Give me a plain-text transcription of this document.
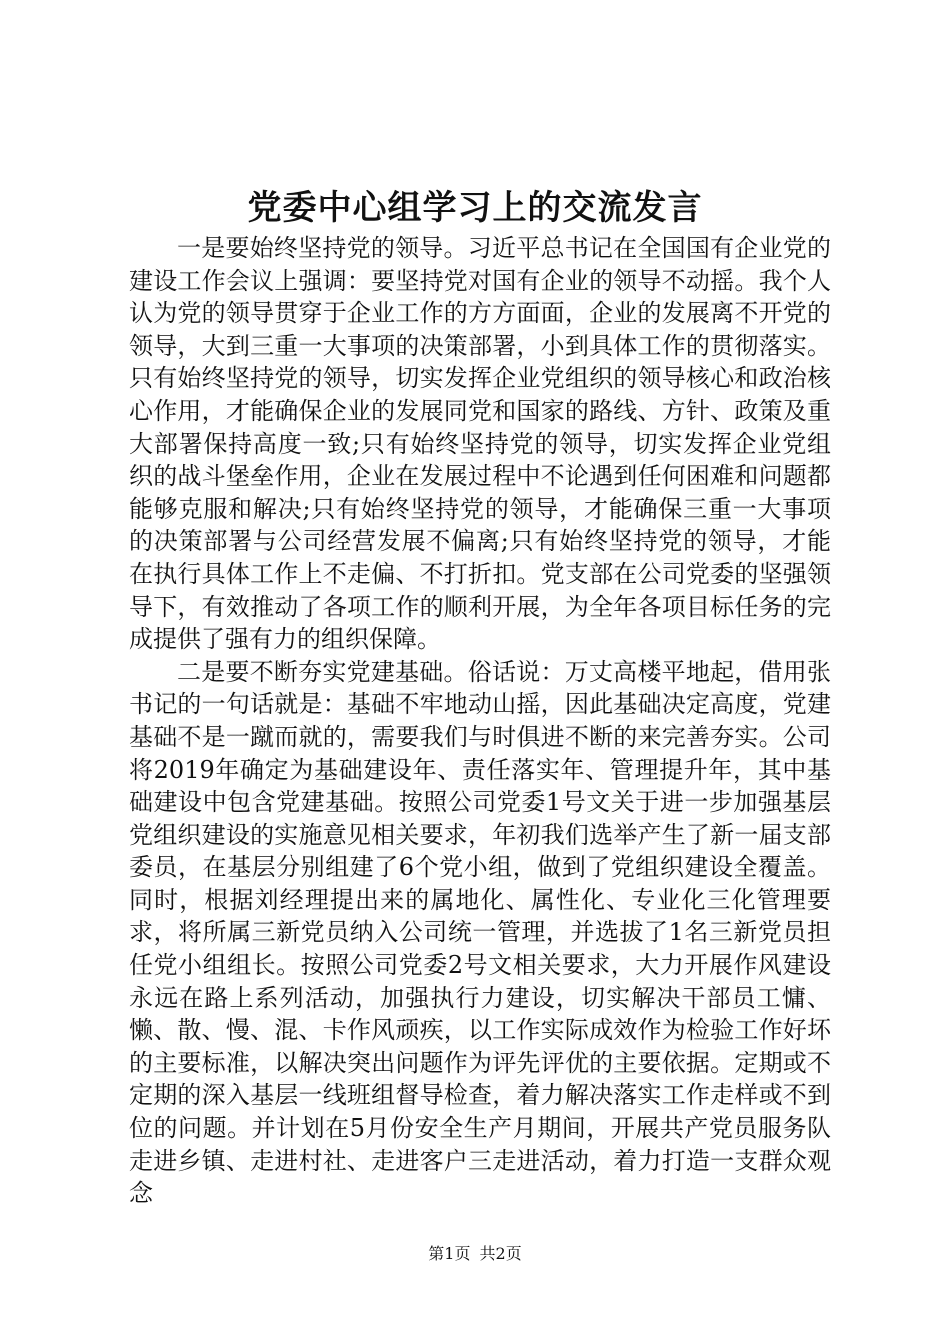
党委中心组学习上的交流发言

一是要始终坚持党的领导。习近平总书记在全国国有企业党的建设工作会议上强调：要坚持党对国有企业的领导不动摇。我个人认为党的领导贯穿于企业工作的方方面面，企业的发展离不开党的领导，大到三重一大事项的决策部署，小到具体工作的贯彻落实。只有始终坚持党的领导，切实发挥企业党组织的领导核心和政治核心作用，才能确保企业的发展同党和国家的路线、方针、政策及重大部署保持高度一致;只有始终坚持党的领导，切实发挥企业党组织的战斗堡垒作用，企业在发展过程中不论遇到任何困难和问题都能够克服和解决;只有始终坚持党的领导，才能确保三重一大事项的决策部署与公司经营发展不偏离;只有始终坚持党的领导，才能在执行具体工作上不走偏、不打折扣。党支部在公司党委的坚强领导下，有效推动了各项工作的顺利开展，为全年各项目标任务的完成提供了强有力的组织保障。

二是要不断夯实党建基础。俗话说：万丈高楼平地起，借用张书记的一句话就是：基础不牢地动山摇，因此基础决定高度，党建基础不是一蹴而就的，需要我们与时俱进不断的来完善夯实。公司将2019年确定为基础建设年、责任落实年、管理提升年，其中基础建设中包含党建基础。按照公司党委1号文关于进一步加强基层党组织建设的实施意见相关要求，年初我们选举产生了新一届支部委员，在基层分别组建了6个党小组，做到了党组织建设全覆盖。同时，根据刘经理提出来的属地化、属性化、专业化三化管理要求，将所属三新党员纳入公司统一管理，并选拔了1名三新党员担任党小组组长。按照公司党委2号文相关要求，大力开展作风建设永远在路上系列活动，加强执行力建设，切实解决干部员工慵、懒、散、慢、混、卡作风顽疾，以工作实际成效作为检验工作好坏的主要标准，以解决突出问题作为评先评优的主要依据。定期或不定期的深入基层一线班组督导检查，着力解决落实工作走样或不到位的问题。并计划在5月份安全生产月期间，开展共产党员服务队走进乡镇、走进村社、走进客户三走进活动，着力打造一支群众观念

第1页 共2页
